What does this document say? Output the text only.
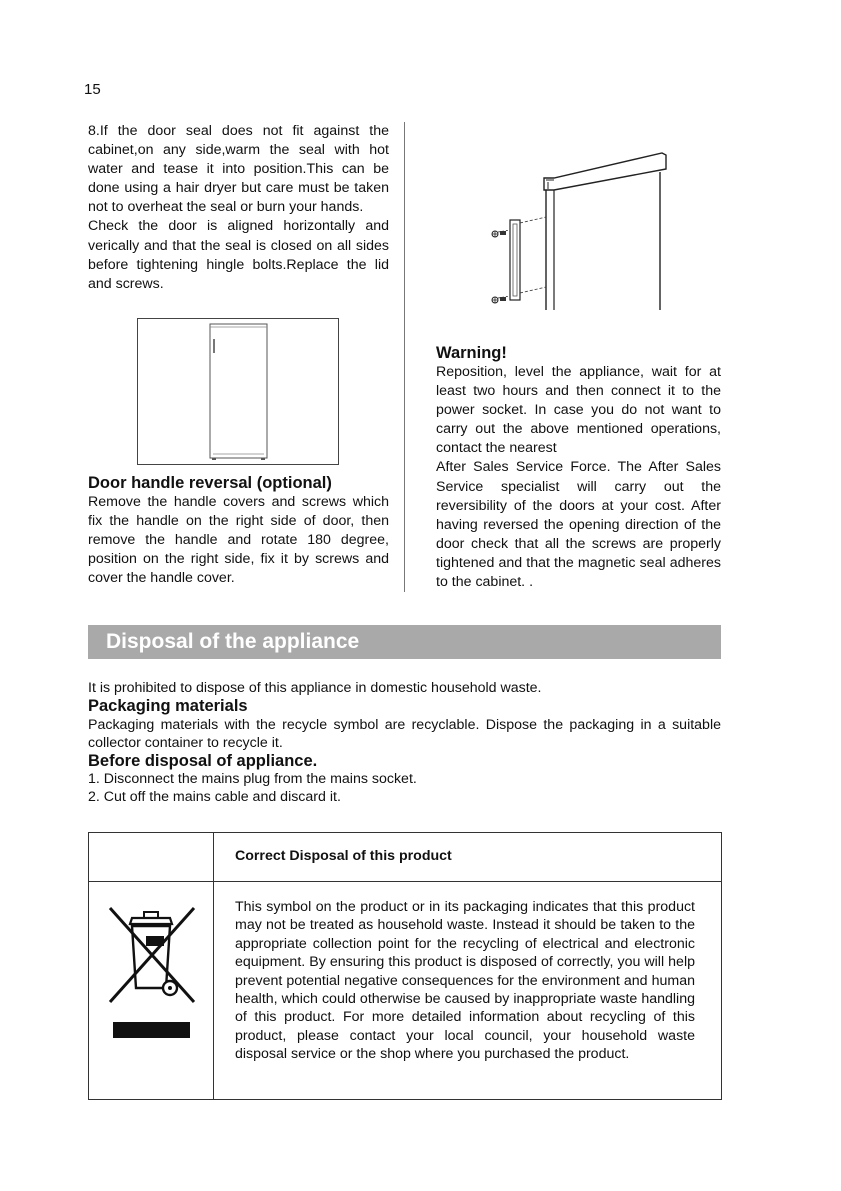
15

8.If the door seal does not fit against the cabinet,on any side,warm the seal with hot water and tease it into position.This can be done using a hair dryer but care must be taken not to overheat the seal or burn your hands.

Check the door is aligned horizontally and verically and that the seal is closed on all sides before tightening hingle bolts.Replace the lid and screws.

Door handle reversal (optional)

Remove the handle covers and screws which fix the handle on the right side of door, then remove the handle and rotate 180 degree, position on the right side, fix it by screws and cover the handle cover.

Warning!

Reposition, level the appliance, wait for at least two hours and then connect it to the power socket. In case you do not want to carry out the above mentioned operations, contact the nearest

After Sales Service Force. The After Sales Service specialist will carry out the reversibility of the doors at your cost. After having reversed the opening direction of the door check that all the screws are properly tightened and that the magnetic seal adheres to the cabinet. .

Disposal of the appliance

It is prohibited to dispose of this appliance in domestic household waste.

Packaging materials

Packaging materials with the recycle symbol are recyclable. Dispose the packaging in a suitable collector container to recycle it.

Before disposal of appliance.

1. Disconnect the mains plug from the mains socket.

2. Cut off the mains cable and discard it.

Correct Disposal of this product

This symbol on the product or in its packaging indicates that this product may not be treated as household waste. Instead it should be taken to the appropriate collection point for the recycling of electrical and electronic equipment. By ensuring this product is disposed of correctly, you will help prevent potential negative consequences for the environment and human health, which could otherwise be caused by inappropriate waste handling of this product. For more detailed information about recycling of this product, please contact your local council, your household waste disposal service or the shop where you purchased the product.
